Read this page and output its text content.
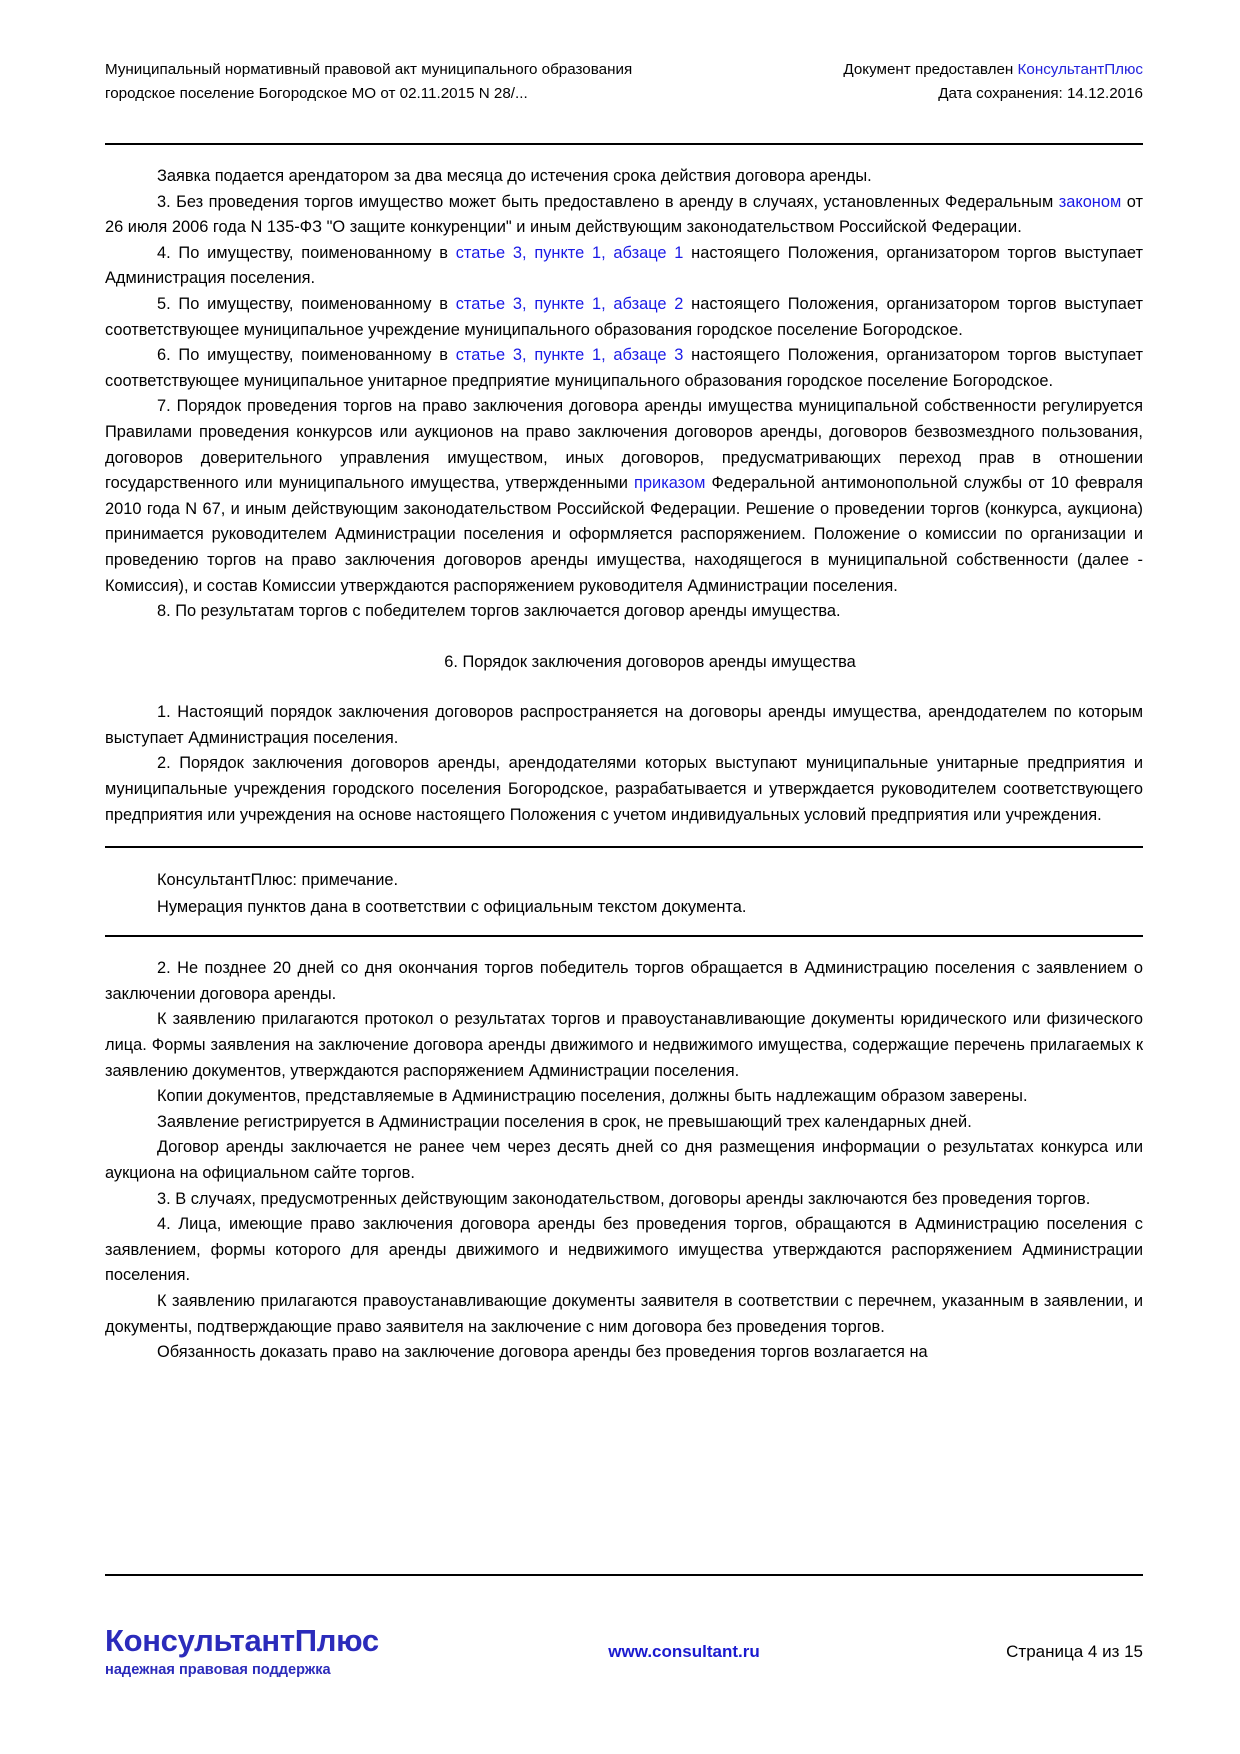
Муниципальный нормативный правовой акт муниципального образования
городское поселение Богородское МО от 02.11.2015 N 28/...
Документ предоставлен КонсультантПлюс
Дата сохранения: 14.12.2016

Заявка подается арендатором за два месяца до истечения срока действия договора аренды.

3. Без проведения торгов имущество может быть предоставлено в аренду в случаях, установленных Федеральным законом от 26 июля 2006 года N 135-ФЗ "О защите конкуренции" и иным действующим законодательством Российской Федерации.

4. По имуществу, поименованному в статье 3, пункте 1, абзаце 1 настоящего Положения, организатором торгов выступает Администрация поселения.

5. По имуществу, поименованному в статье 3, пункте 1, абзаце 2 настоящего Положения, организатором торгов выступает соответствующее муниципальное учреждение муниципального образования городское поселение Богородское.

6. По имуществу, поименованному в статье 3, пункте 1, абзаце 3 настоящего Положения, организатором торгов выступает соответствующее муниципальное унитарное предприятие муниципального образования городское поселение Богородское.

7. Порядок проведения торгов на право заключения договора аренды имущества муниципальной собственности регулируется Правилами проведения конкурсов или аукционов на право заключения договоров аренды, договоров безвозмездного пользования, договоров доверительного управления имуществом, иных договоров, предусматривающих переход прав в отношении государственного или муниципального имущества, утвержденными приказом Федеральной антимонопольной службы от 10 февраля 2010 года N 67, и иным действующим законодательством Российской Федерации. Решение о проведении торгов (конкурса, аукциона) принимается руководителем Администрации поселения и оформляется распоряжением. Положение о комиссии по организации и проведению торгов на право заключения договоров аренды имущества, находящегося в муниципальной собственности (далее - Комиссия), и состав Комиссии утверждаются распоряжением руководителя Администрации поселения.

8. По результатам торгов с победителем торгов заключается договор аренды имущества.

6. Порядок заключения договоров аренды имущества

1. Настоящий порядок заключения договоров распространяется на договоры аренды имущества, арендодателем по которым выступает Администрация поселения.

2. Порядок заключения договоров аренды, арендодателями которых выступают муниципальные унитарные предприятия и муниципальные учреждения городского поселения Богородское, разрабатывается и утверждается руководителем соответствующего предприятия или учреждения на основе настоящего Положения с учетом индивидуальных условий предприятия или учреждения.

КонсультантПлюс: примечание.
Нумерация пунктов дана в соответствии с официальным текстом документа.

2. Не позднее 20 дней со дня окончания торгов победитель торгов обращается в Администрацию поселения с заявлением о заключении договора аренды.

К заявлению прилагаются протокол о результатах торгов и правоустанавливающие документы юридического или физического лица. Формы заявления на заключение договора аренды движимого и недвижимого имущества, содержащие перечень прилагаемых к заявлению документов, утверждаются распоряжением Администрации поселения.

Копии документов, представляемые в Администрацию поселения, должны быть надлежащим образом заверены.

Заявление регистрируется в Администрации поселения в срок, не превышающий трех календарных дней.

Договор аренды заключается не ранее чем через десять дней со дня размещения информации о результатах конкурса или аукциона на официальном сайте торгов.

3. В случаях, предусмотренных действующим законодательством, договоры аренды заключаются без проведения торгов.

4. Лица, имеющие право заключения договора аренды без проведения торгов, обращаются в Администрацию поселения с заявлением, формы которого для аренды движимого и недвижимого имущества утверждаются распоряжением Администрации поселения.

К заявлению прилагаются правоустанавливающие документы заявителя в соответствии с перечнем, указанным в заявлении, и документы, подтверждающие право заявителя на заключение с ним договора без проведения торгов.

Обязанность доказать право на заключение договора аренды без проведения торгов возлагается на

КонсультантПлюс
надежная правовая поддержка
www.consultant.ru	Страница 4 из 15
